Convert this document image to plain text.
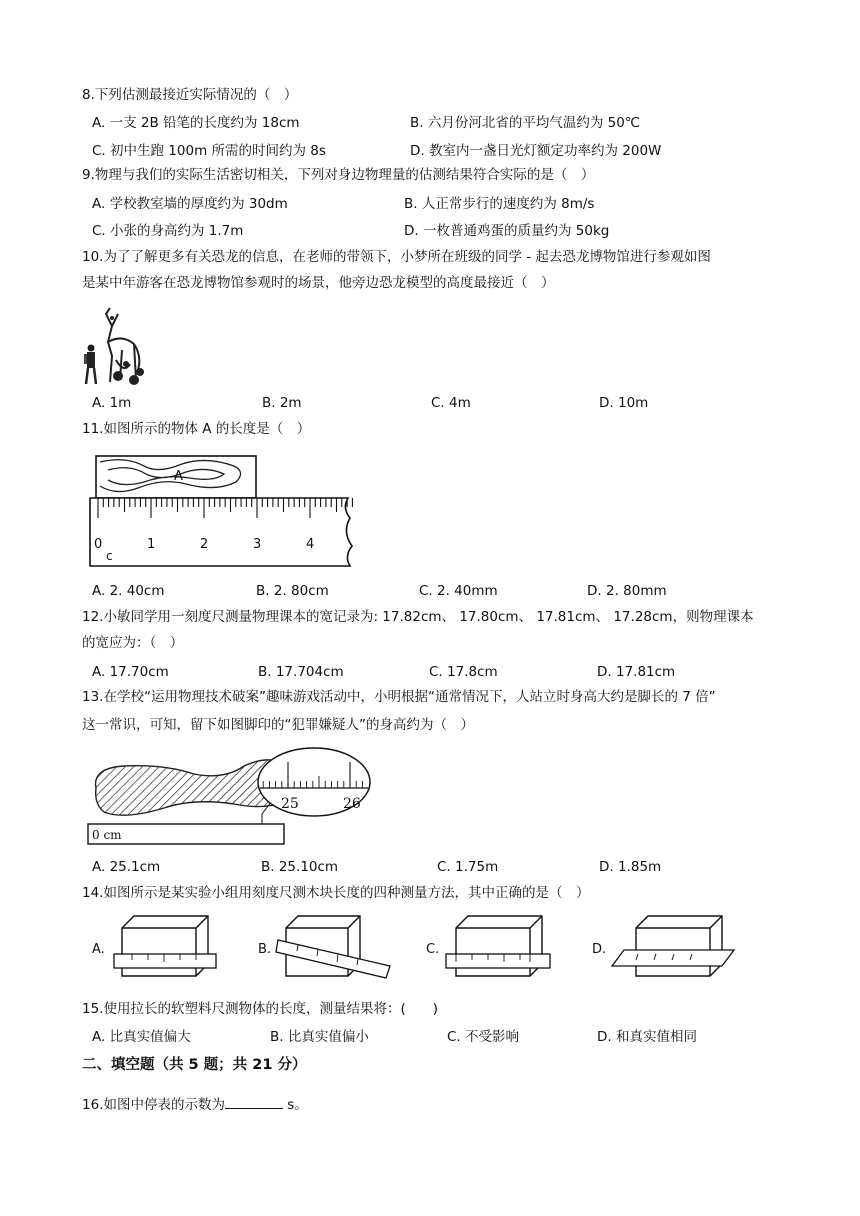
8.下列估测最接近实际情况的（　）
A. 一支 2B 铅笔的长度约为 18cm	B. 六月份河北省的平均气温约为 50℃
C. 初中生跑 100m 所需的时间约为 8s	D. 教室内一盏日光灯额定功率约为 200W
9.物理与我们的实际生活密切相关，下列对身边物理量的估测结果符合实际的是（　）
A. 学校教室墙的厚度约为 30dm	B. 人正常步行的速度约为 8m/s
C. 小张的身高约为 1.7m	D. 一枚普通鸡蛋的质量约为 50kg
10.为了了解更多有关恐龙的信息，在老师的带领下，小梦所在班级的同学 - 起去恐龙博物馆进行参观如图
是某中年游客在恐龙博物馆参观时的场景，他旁边恐龙模型的高度最接近（　）
A. 1m	B. 2m	C. 4m	D. 10m
11.如图所示的物体 A 的长度是（　）
A
0	1	2	3	4
c
A. 2. 40cm	B. 2. 80cm	C. 2. 40mm	D. 2. 80mm
12.小敏同学用一刻度尺测量物理课本的宽记录为: 17.82cm、 17.80cm、 17.81cm、 17.28cm，则物理课本
的宽应为：（　）
A. 17.70cm	B. 17.704cm	C. 17.8cm	D. 17.81cm
13.在学校“运用物理技术破案”趣味游戏活动中，小明根据“通常情况下，人站立时身高大约是脚长的 7 倍”
这一常识，可知，留下如图脚印的“犯罪嫌疑人”的身高约为（　）
0 cm
25	26
A. 25.1cm	B. 25.10cm	C. 1.75m	D. 1.85m
14.如图所示是某实验小组用刻度尺测木块长度的四种测量方法，其中正确的是（　）
A.	B.	C.	D.
15.使用拉长的软塑料尺测物体的长度，测量结果将：(　　)
A. 比真实值偏大	B. 比真实值偏小	C. 不受影响	D. 和真实值相同
二、填空题（共 5 题；共 21 分）
16.如图中停表的示数为	s。
